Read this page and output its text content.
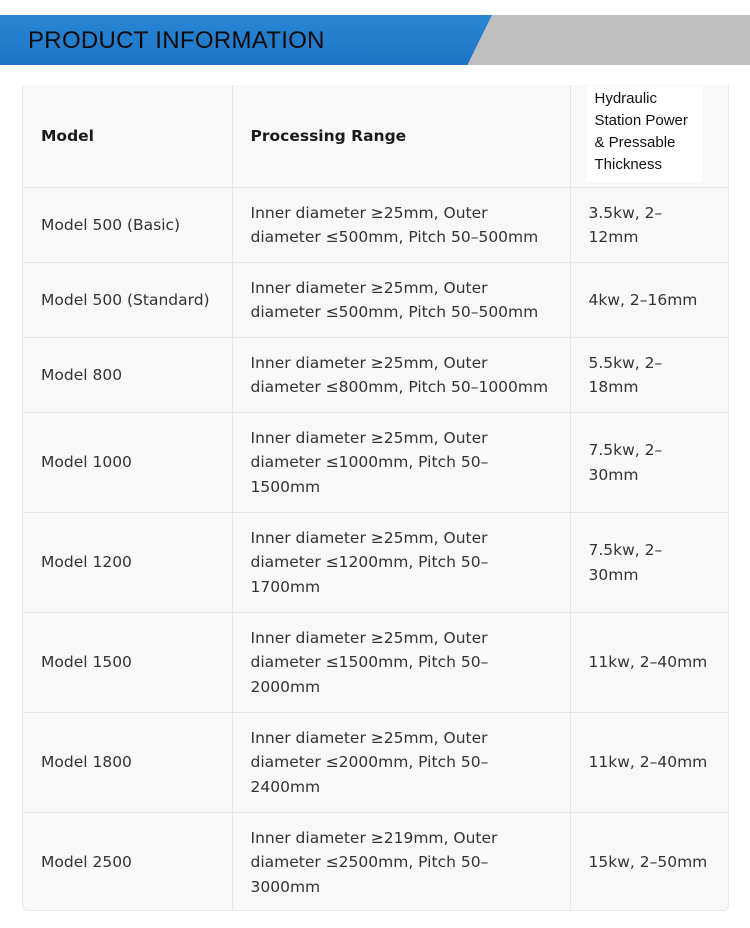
PRODUCT INFORMATION
Model	Processing Range	Hydraulic
Station Power
& Pressable
Thickness

Model 500 (Basic)	Inner diameter ≥25mm, Outer diameter ≤500mm, Pitch 50–500mm	3.5kw, 2–12mm
Model 500 (Standard)	Inner diameter ≥25mm, Outer diameter ≤500mm, Pitch 50–500mm	4kw, 2–16mm
Model 800	Inner diameter ≥25mm, Outer diameter ≤800mm, Pitch 50–1000mm	5.5kw, 2–18mm
Model 1000	Inner diameter ≥25mm, Outer diameter ≤1000mm, Pitch 50–1500mm	7.5kw, 2–30mm
Model 1200	Inner diameter ≥25mm, Outer diameter ≤1200mm, Pitch 50–1700mm	7.5kw, 2–30mm
Model 1500	Inner diameter ≥25mm, Outer diameter ≤1500mm, Pitch 50–2000mm	11kw, 2–40mm
Model 1800	Inner diameter ≥25mm, Outer diameter ≤2000mm, Pitch 50–2400mm	11kw, 2–40mm
Model 2500	Inner diameter ≥219mm, Outer diameter ≤2500mm, Pitch 50–3000mm	15kw, 2–50mm
